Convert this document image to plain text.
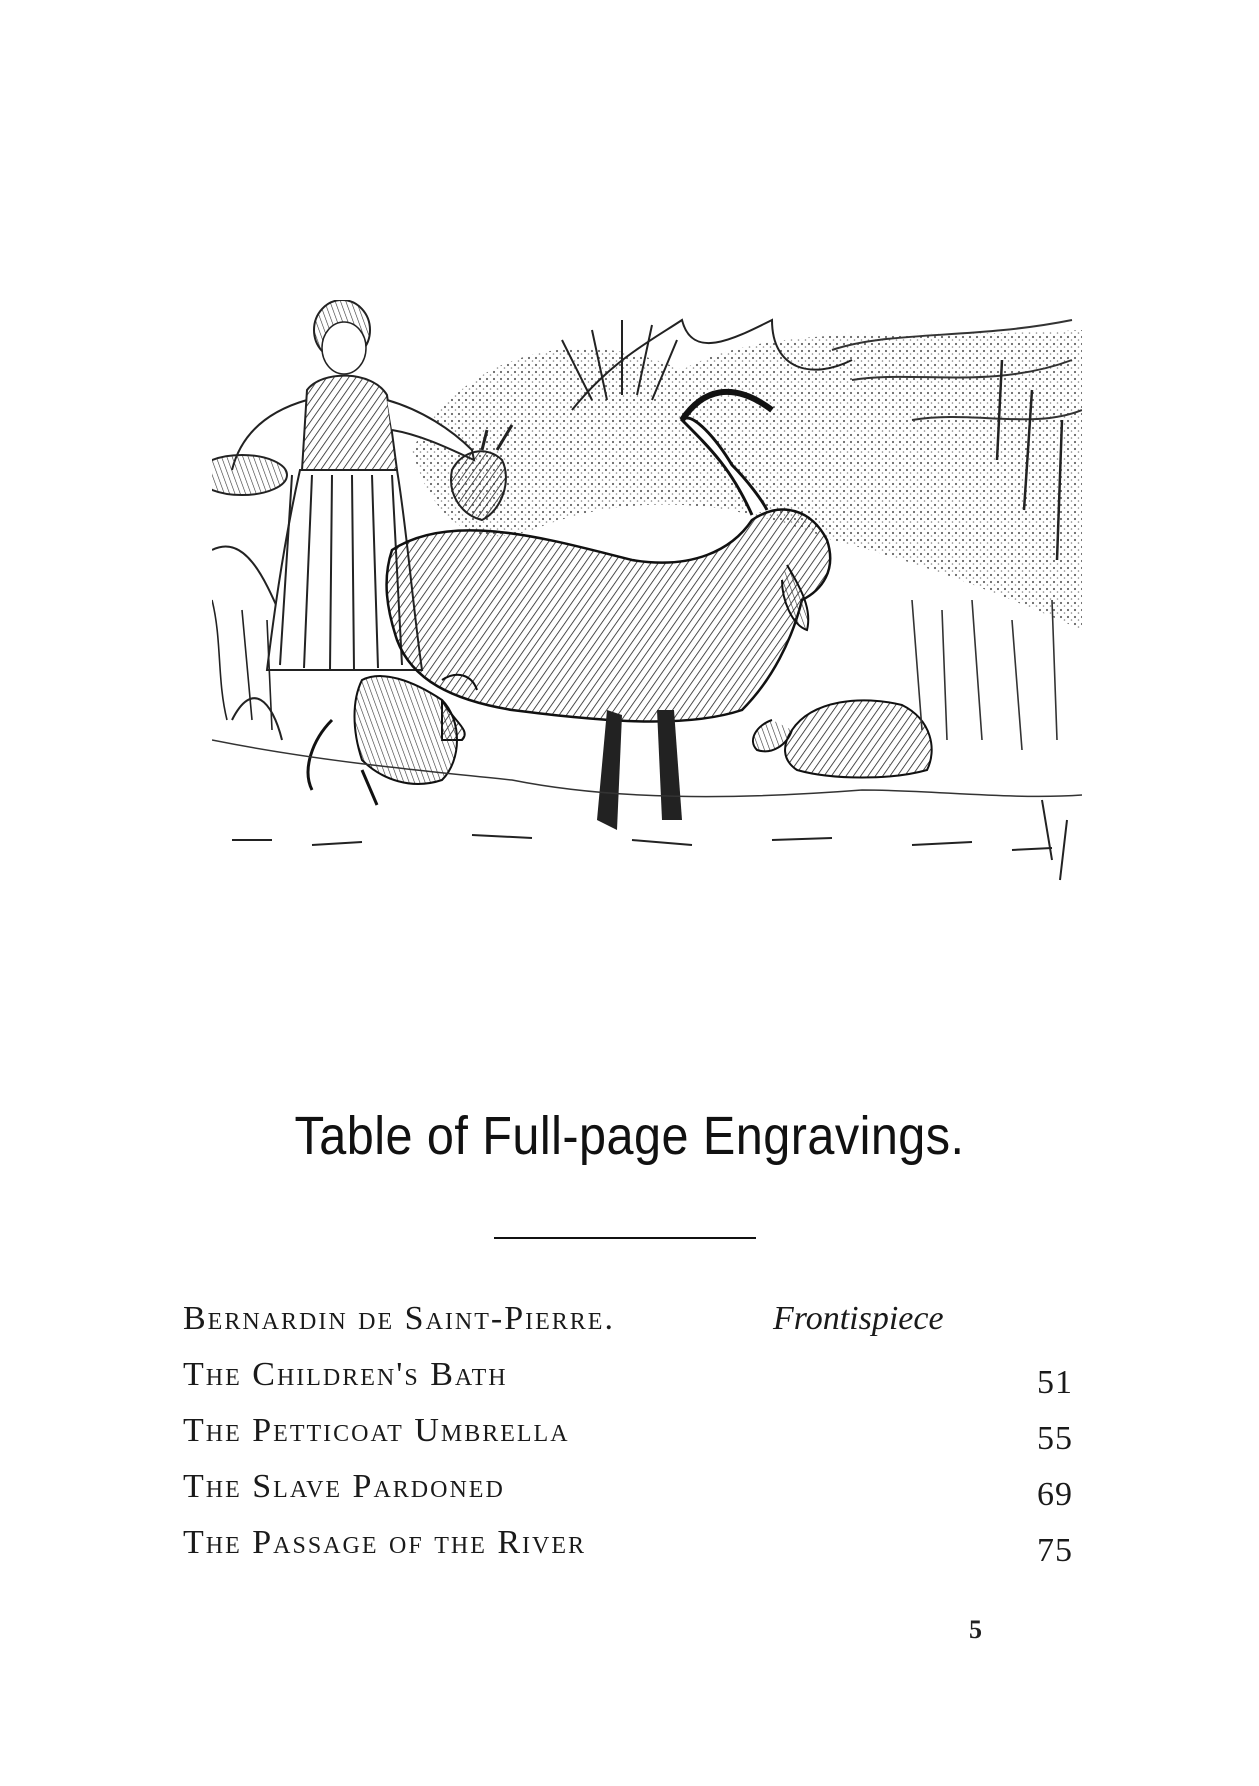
Table of Full-page Engravings.
Bernardin de Saint-Pierre.	Frontispiece
The Children's Bath	51
The Petticoat Umbrella	55
The Slave Pardoned	69
The Passage of the River	75
5
